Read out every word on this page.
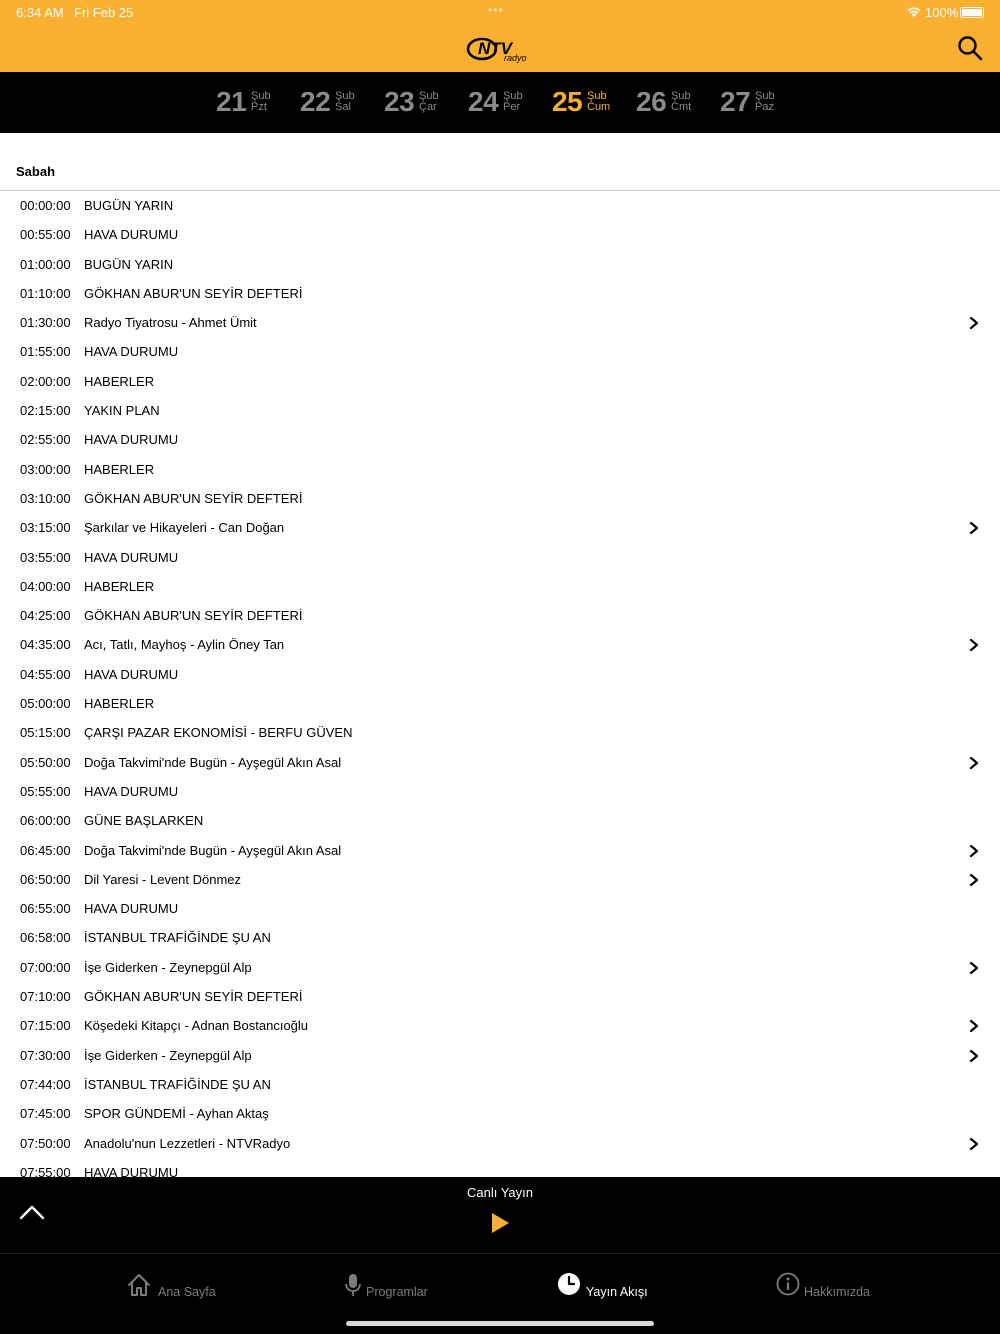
6:34 AM Fri Feb 25	•••	100%
NTV
radyo
21 Şub
Pzt 22 Şub
Sal 23 Şub
Çar 24 Şub
Per 25 Şub
Cum 26 Şub
Cmt 27 Şub
Paz
Sabah
00:00:00 BUGÜN YARIN
00:55:00 HAVA DURUMU
01:00:00 BUGÜN YARIN
01:10:00 GÖKHAN ABUR'UN SEYİR DEFTERİ
01:30:00 Radyo Tiyatrosu - Ahmet Ümit
01:55:00 HAVA DURUMU
02:00:00 HABERLER
02:15:00 YAKIN PLAN
02:55:00 HAVA DURUMU
03:00:00 HABERLER
03:10:00 GÖKHAN ABUR'UN SEYİR DEFTERİ
03:15:00 Şarkılar ve Hikayeleri - Can Doğan
03:55:00 HAVA DURUMU
04:00:00 HABERLER
04:25:00 GÖKHAN ABUR'UN SEYİR DEFTERİ
04:35:00 Acı, Tatlı, Mayhoş - Aylin Öney Tan
04:55:00 HAVA DURUMU
05:00:00 HABERLER
05:15:00 ÇARŞI PAZAR EKONOMİSİ - BERFU GÜVEN
05:50:00 Doğa Takvimi'nde Bugün - Ayşegül Akın Asal
05:55:00 HAVA DURUMU
06:00:00 GÜNE BAŞLARKEN
06:45:00 Doğa Takvimi'nde Bugün - Ayşegül Akın Asal
06:50:00 Dil Yaresi - Levent Dönmez
06:55:00 HAVA DURUMU
06:58:00 İSTANBUL TRAFİĞİNDE ŞU AN
07:00:00 İşe Giderken - Zeynepgül Alp
07:10:00 GÖKHAN ABUR'UN SEYİR DEFTERİ
07:15:00 Köşedeki Kitapçı - Adnan Bostancıoğlu
07:30:00 İşe Giderken - Zeynepgül Alp
07:44:00 İSTANBUL TRAFİĞİNDE ŞU AN
07:45:00 SPOR GÜNDEMİ - Ayhan Aktaş
07:50:00 Anadolu'nun Lezzetleri - NTVRadyo
07:55:00 HAVA DURUMU
Canlı Yayın
Ana Sayfa	Programlar	Yayın Akışı	Hakkımızda
